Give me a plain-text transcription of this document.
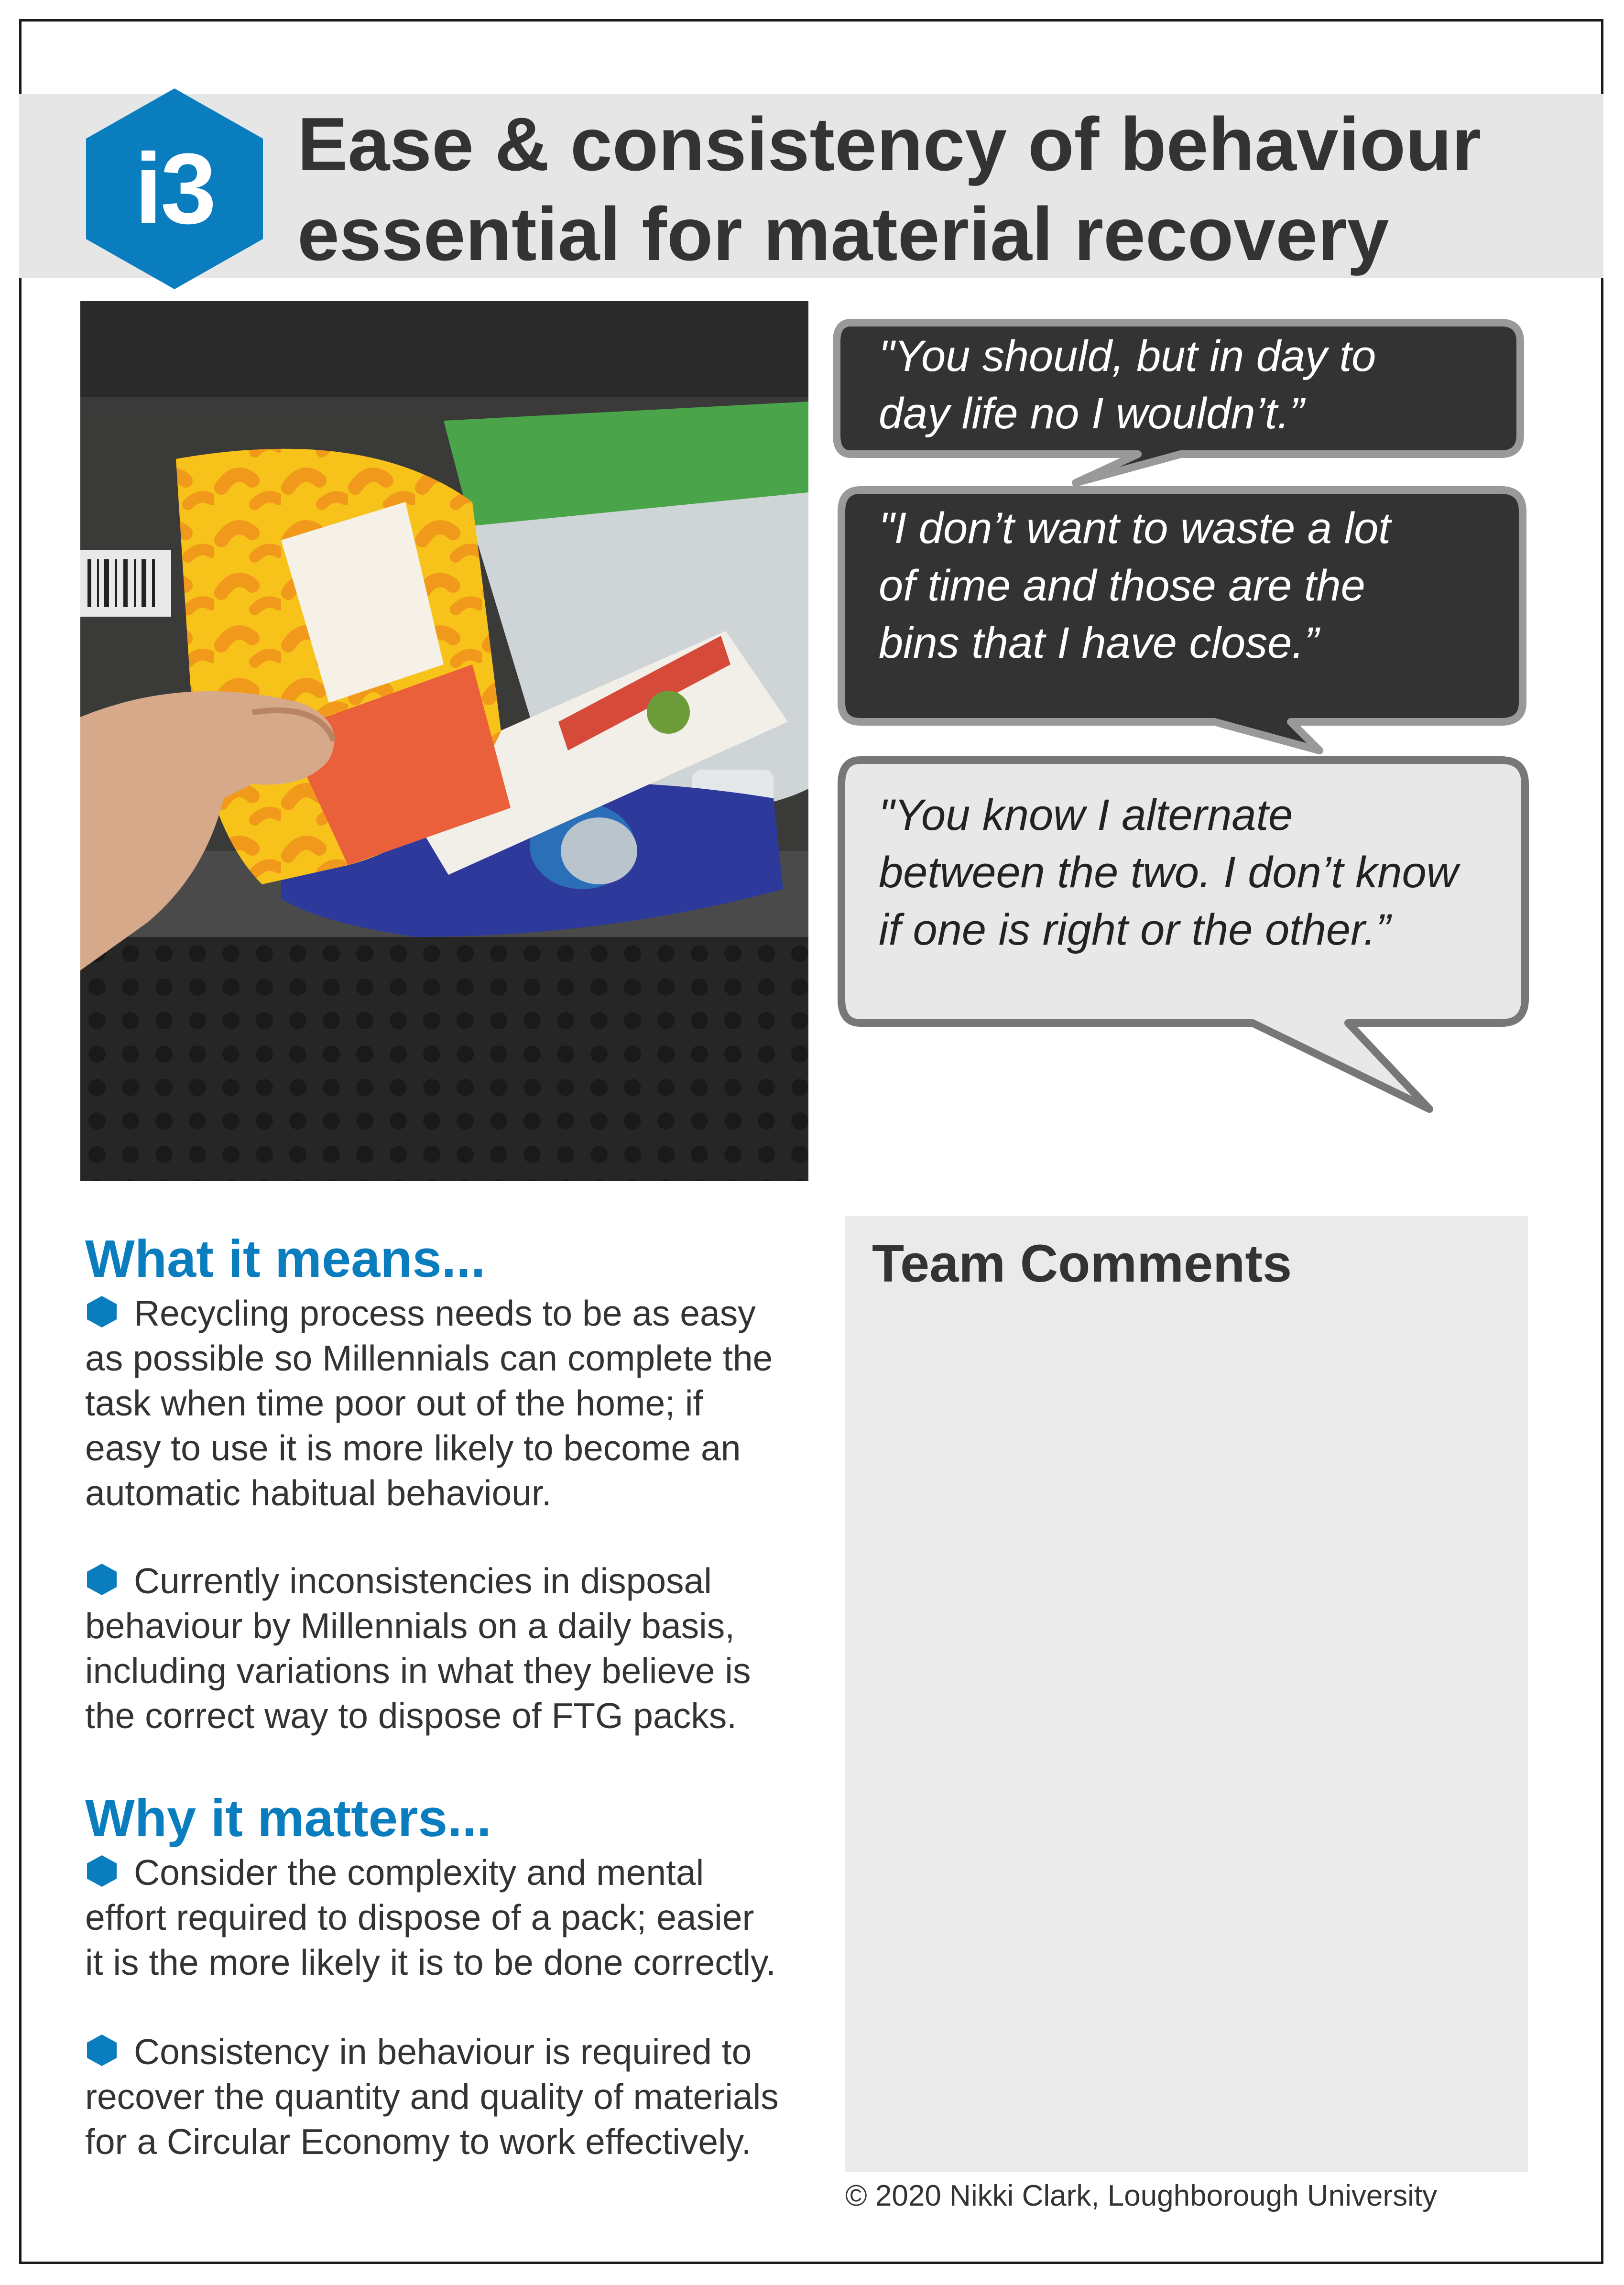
i3	Ease & consistency of behaviour
essential for material recovery

"You should, but in day to
day life no I wouldn’t.”

"I don’t want to waste a lot
of time and those are the
bins that I have close.”

"You know I alternate
between the two. I don’t know
if one is right or the other.”

What it means...

Recycling process needs to be as easy
as possible so Millennials can complete the
task when time poor out of the home; if
easy to use it is more likely to become an
automatic habitual behaviour.

Currently inconsistencies in disposal
behaviour by Millennials on a daily basis,
including variations in what they believe is
the correct way to dispose of FTG packs.

Why it matters...

Consider the complexity and mental
effort required to dispose of a pack; easier
it is the more likely it is to be done correctly.

Consistency in behaviour is required to
recover the quantity and quality of materials
for a Circular Economy to work effectively.

Team Comments

© 2020 Nikki Clark, Loughborough University
